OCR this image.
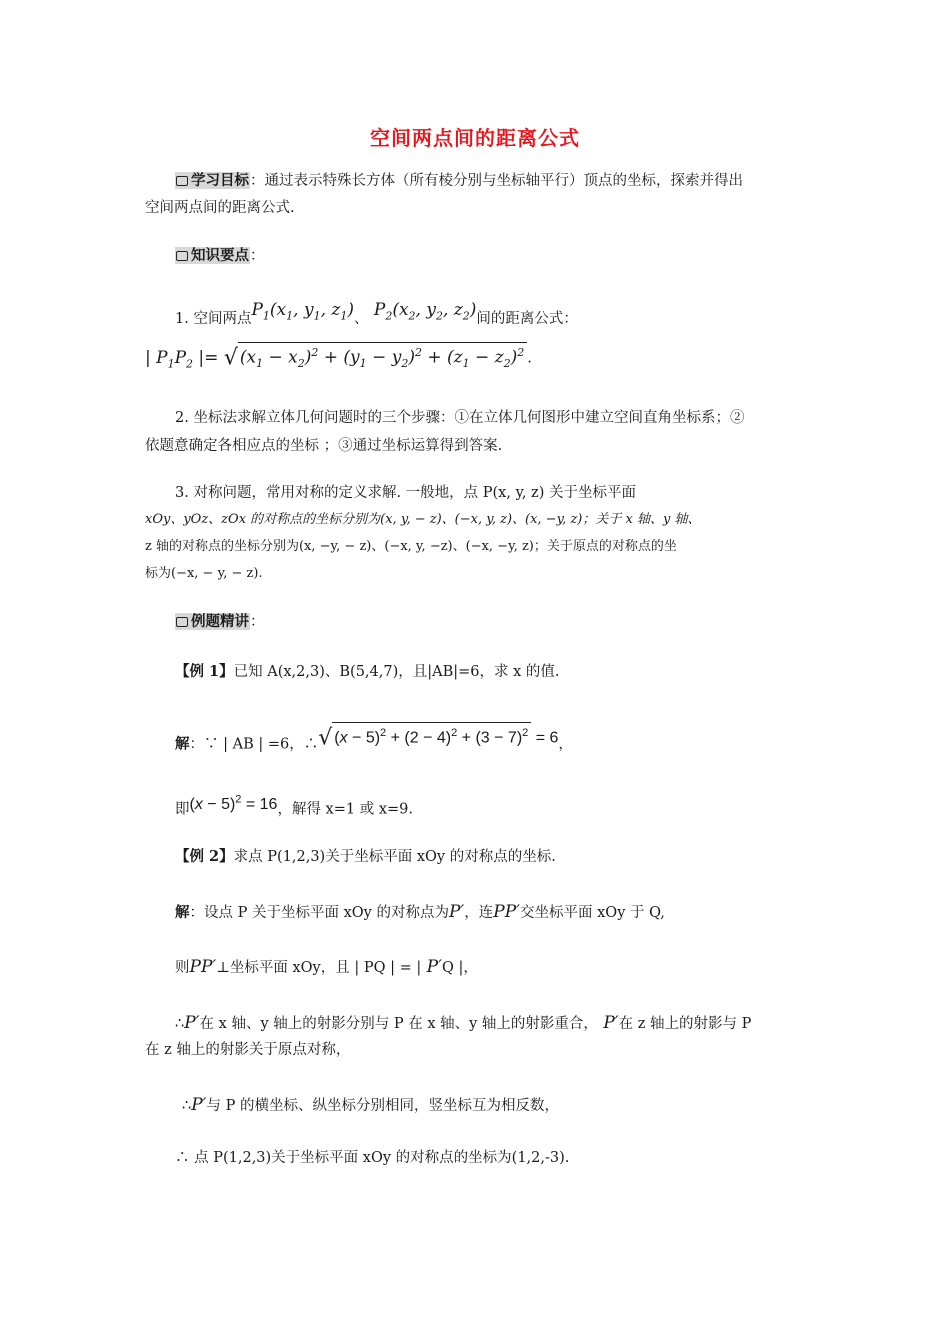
空间两点间的距离公式
学习目标：通过表示特殊长方体（所有棱分别与坐标轴平行）顶点的坐标，探索并得出
空间两点间的距离公式.
知识要点：
1. 空间两点$P_1(x_1$, $y_1$, $z_1$)、 $P_2(x_2$, $y_2$, $z_2$)间的距离公式：
| $P_1P_2$ |= √ $(x_1 - x_2)^2 + (y_1 - y_2)^2 + (z_1 - z_2)^2$ .
2. 坐标法求解立体几何问题时的三个步骤：①在立体几何图形中建立空间直角坐标系；②
依题意确定各相应点的坐标 ；③通过坐标运算得到答案.
3. 对称问题，常用对称的定义求解. 一般地，点 P(x, y, z) 关于坐标平面
xOy、yOz、zOx 的对称点的坐标分别为(x, y, − z)、(−x, y, z)、(x, −y, z)；关于 x 轴、y 轴、
z 轴的对称点的坐标分别为(x, −y, − z)、(−x, y, −z)、(−x, −y, z)；关于原点的对称点的坐
标为(−x, − y, − z).
例题精讲：
【例 1】已知 A(x,2,3)、B(5,4,7)，且|AB|=6，求 x 的值.
解：∵ | AB | =6，∴√ $(x - 5)^2 + (2 - 4)^2 + (3 - 7)^2 = 6$，
即$(x - 5)^2 = 16$，解得 x=1 或 x=9.
【例 2】求点 P(1,2,3)关于坐标平面 xOy 的对称点的坐标.
解：设点 P 关于坐标平面 xOy 的对称点为P′，连PP′交坐标平面 xOy 于 Q,
则PP′⊥坐标平面 xOy，且 | PQ | = | P′Q |，
∴P′在 x 轴、y 轴上的射影分别与 P 在 x 轴、y 轴上的射影重合， P′在 z 轴上的射影与 P
在 z 轴上的射影关于原点对称，
∴P′与 P 的横坐标、纵坐标分别相同，竖坐标互为相反数，
∴ 点 P(1,2,3)关于坐标平面 xOy 的对称点的坐标为(1,2,-3).
